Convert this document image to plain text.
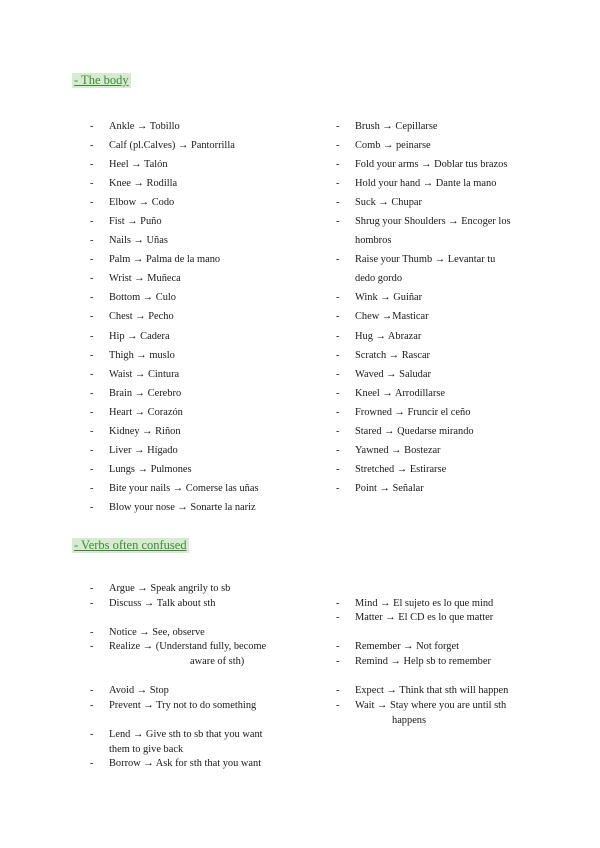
- The body
- Ankle → Tobillo
- Calf (pl.Calves) → Pantorrilla
- Heel → Talón
- Knee → Rodilla
- Elbow → Codo
- Fist → Puño
- Nails → Uñas
- Palm → Palma de la mano
- Wrist → Muñeca
- Bottom → Culo
- Chest → Pecho
- Hip → Cadera
- Thigh → muslo
- Waist → Cintura
- Brain → Cerebro
- Heart → Corazón
- Kidney → Riñon
- Liver → Hígado
- Lungs → Pulmones
- Bite your nails → Comerse las uñas
- Blow your nose → Sonarte la nariz
- Brush → Cepillarse
- Comb → peinarse
- Fold your arms → Doblar tus brazos
- Hold your hand → Dante la mano
- Suck → Chupar
- Shrug your Shoulders → Encoger los
hombros
- Raise your Thumb → Levantar tu
dedo gordo
- Wink → Guiñar
- Chew →Masticar
- Hug → Abrazar
- Scratch → Rascar
- Waved → Saludar
- Kneel → Arrodillarse
- Frowned → Fruncir el ceño
- Stared → Quedarse mirando
- Yawned → Bostezar
- Stretched → Estirarse
- Point → Señalar
- Verbs often confused
- Argue → Speak angrily to sb
- Discuss → Talk about sth
- Notice → See, observe
- Realize → (Understand fully, become
aware of sth)
- Avoid → Stop
- Prevent → Try not to do something
- Lend → Give sth to sb that you want
them to give back
- Borrow → Ask for sth that you want
- Mind → El sujeto es lo que mind
- Matter → El CD es lo que matter
- Remember → Not forget
- Remind → Help sb to remember
- Expect → Think that sth will happen
- Wait → Stay where you are until sth
happens
